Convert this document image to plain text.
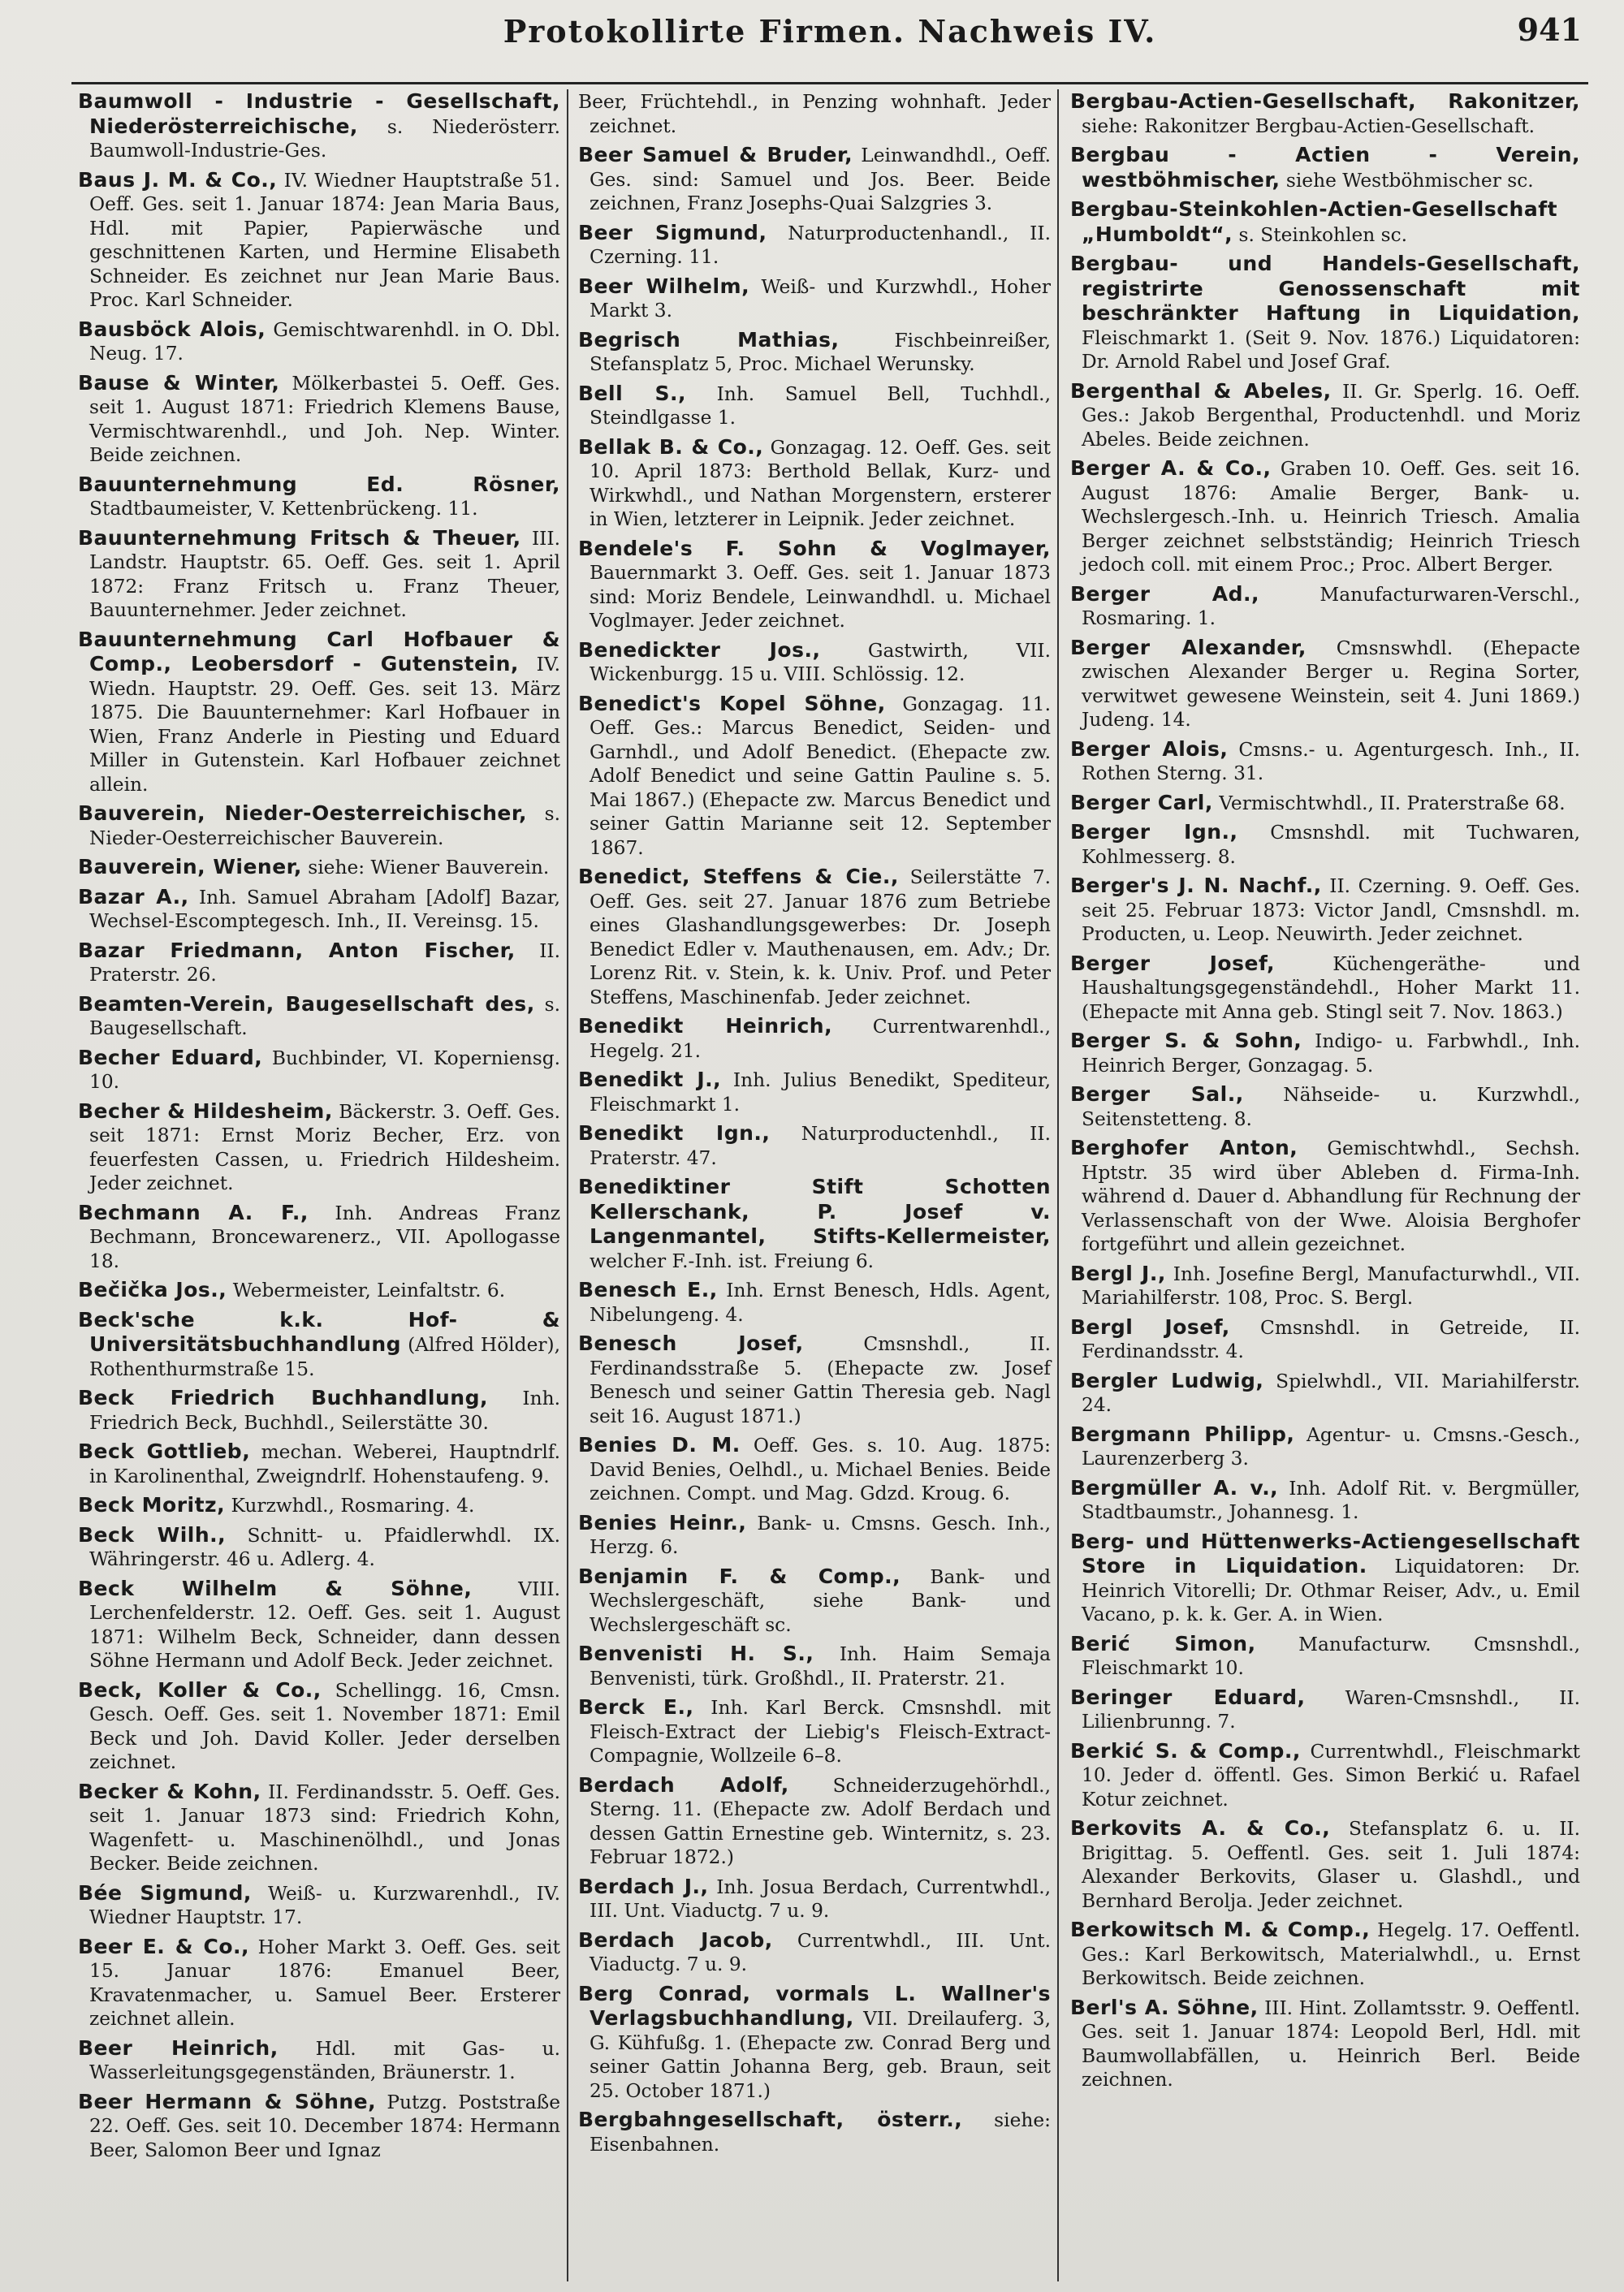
Protokollirte Firmen. Nachweis IV.	941
Baumwoll - Industrie - Gesellschaft, Niederösterreichische, s. Niederösterr. Baumwoll-Industrie-Ges.
Baus J. M. & Co., IV. Wiedner Hauptstraße 51. Oeff. Ges. seit 1. Januar 1874: Jean Maria Baus, Hdl. mit Papier, Papierwäsche und geschnittenen Karten, und Hermine Elisabeth Schneider. Es zeichnet nur Jean Marie Baus. Proc. Karl Schneider.
Bausböck Alois, Gemischtwarenhdl. in O. Dbl. Neug. 17.
Bause & Winter, Mölkerbastei 5. Oeff. Ges. seit 1. August 1871: Friedrich Klemens Bause, Vermischtwarenhdl., und Joh. Nep. Winter. Beide zeichnen.
Bauunternehmung Ed. Rösner, Stadtbaumeister, V. Kettenbrückeng. 11.
Bauunternehmung Fritsch & Theuer, III. Landstr. Hauptstr. 65. Oeff. Ges. seit 1. April 1872: Franz Fritsch u. Franz Theuer, Bauunternehmer. Jeder zeichnet.
Bauunternehmung Carl Hofbauer & Comp., Leobersdorf - Gutenstein, IV. Wiedn. Hauptstr. 29. Oeff. Ges. seit 13. März 1875. Die Bauunternehmer: Karl Hofbauer in Wien, Franz Anderle in Piesting und Eduard Miller in Gutenstein. Karl Hofbauer zeichnet allein.
Bauverein, Nieder-Oesterreichischer, s. Nieder-Oesterreichischer Bauverein.
Bauverein, Wiener, siehe: Wiener Bauverein.
Bazar A., Inh. Samuel Abraham [Adolf] Bazar, Wechsel-Escomptegesch. Inh., II. Vereinsg. 15.
Bazar Friedmann, Anton Fischer, II. Praterstr. 26.
Beamten-Verein, Baugesellschaft des, s. Baugesellschaft.
Becher Eduard, Buchbinder, VI. Koperniensg. 10.
Becher & Hildesheim, Bäckerstr. 3. Oeff. Ges. seit 1871: Ernst Moriz Becher, Erz. von feuerfesten Cassen, u. Friedrich Hildesheim. Jeder zeichnet.
Bechmann A. F., Inh. Andreas Franz Bechmann, Broncewarenerz., VII. Apollogasse 18.
Bečička Jos., Webermeister, Leinfaltstr. 6.
Beck'sche k.k. Hof- & Universitätsbuchhandlung (Alfred Hölder), Rothenthurmstraße 15.
Beck Friedrich Buchhandlung, Inh. Friedrich Beck, Buchhdl., Seilerstätte 30.
Beck Gottlieb, mechan. Weberei, Hauptndrlf. in Karolinenthal, Zweigndrlf. Hohenstaufeng. 9.
Beck Moritz, Kurzwhdl., Rosmaring. 4.
Beck Wilh., Schnitt- u. Pfaidlerwhdl. IX. Währingerstr. 46 u. Adlerg. 4.
Beck Wilhelm & Söhne, VIII. Lerchenfelderstr. 12. Oeff. Ges. seit 1. August 1871: Wilhelm Beck, Schneider, dann dessen Söhne Hermann und Adolf Beck. Jeder zeichnet.
Beck, Koller & Co., Schellingg. 16, Cmsn. Gesch. Oeff. Ges. seit 1. November 1871: Emil Beck und Joh. David Koller. Jeder derselben zeichnet.
Becker & Kohn, II. Ferdinandsstr. 5. Oeff. Ges. seit 1. Januar 1873 sind: Friedrich Kohn, Wagenfett- u. Maschinenölhdl., und Jonas Becker. Beide zeichnen.
Bée Sigmund, Weiß- u. Kurzwarenhdl., IV. Wiedner Hauptstr. 17.
Beer E. & Co., Hoher Markt 3. Oeff. Ges. seit 15. Januar 1876: Emanuel Beer, Kravatenmacher, u. Samuel Beer. Ersterer zeichnet allein.
Beer Heinrich, Hdl. mit Gas- u. Wasserleitungsgegenständen, Bräunerstr. 1.
Beer Hermann & Söhne, Putzg. Poststraße 22. Oeff. Ges. seit 10. December 1874: Hermann Beer, Salomon Beer und Ignaz
Beer, Früchtehdl., in Penzing wohnhaft. Jeder zeichnet.
Beer Samuel & Bruder, Leinwandhdl., Oeff. Ges. sind: Samuel und Jos. Beer. Beide zeichnen, Franz Josephs-Quai Salzgries 3.
Beer Sigmund, Naturproductenhandl., II. Czerning. 11.
Beer Wilhelm, Weiß- und Kurzwhdl., Hoher Markt 3.
Begrisch Mathias,	Fischbeinreißer, Stefansplatz 5, Proc. Michael Werunsky.
Bell S., Inh. Samuel Bell, Tuchhdl., Steindlgasse 1.
Bellak B. & Co., Gonzagag. 12. Oeff. Ges. seit 10. April 1873: Berthold Bellak, Kurz- und Wirkwhdl., und Nathan Morgenstern, ersterer in Wien, letzterer in Leipnik. Jeder zeichnet.
Bendele's F. Sohn & Voglmayer, Bauernmarkt 3. Oeff. Ges. seit 1. Januar 1873 sind: Moriz Bendele, Leinwandhdl. u. Michael Voglmayer. Jeder zeichnet.
Benedickter Jos.,	Gastwirth, VII. Wickenburgg. 15 u. VIII. Schlössig. 12.
Benedict's Kopel Söhne, Gonzagag. 11. Oeff. Ges.: Marcus Benedict, Seiden- und Garnhdl., und Adolf Benedict. (Ehepacte zw. Adolf Benedict und seine Gattin Pauline s. 5. Mai 1867.) (Ehepacte zw. Marcus Benedict und seiner Gattin Marianne seit 12. September 1867.
Benedict, Steffens & Cie., Seilerstätte 7. Oeff. Ges. seit 27. Januar 1876 zum Betriebe eines Glashandlungsgewerbes: Dr. Joseph Benedict Edler v. Mauthenausen, em. Adv.; Dr. Lorenz Rit. v. Stein, k. k. Univ. Prof. und Peter Steffens, Maschinenfab. Jeder zeichnet.
Benedikt Heinrich, Currentwarenhdl., Hegelg. 21.
Benedikt J., Inh. Julius Benedikt, Spediteur, Fleischmarkt 1.
Benedikt Ign., Naturproductenhdl., II. Praterstr. 47.
Benediktiner Stift Schotten Kellerschank, P. Josef v. Langenmantel, Stifts-Kellermeister, welcher F.-Inh. ist. Freiung 6.
Benesch E., Inh. Ernst Benesch, Hdls. Agent, Nibelungeng. 4.
Benesch Josef,	Cmsnshdl., II. Ferdinandsstraße 5. (Ehepacte zw. Josef Benesch und seiner Gattin Theresia geb. Nagl seit 16. August 1871.)
Benies D. M. Oeff. Ges. s. 10. Aug. 1875: David Benies, Oelhdl., u. Michael Benies. Beide zeichnen. Compt. und Mag. Gdzd. Kroug. 6.
Benies Heinr., Bank- u. Cmsns. Gesch. Inh., Herzg. 6.
Benjamin F. & Comp., Bank- und Wechslergeschäft, siehe Bank- und Wechslergeschäft sc.
Benvenisti H. S., Inh. Haim Semaja Benvenisti, türk. Großhdl., II. Praterstr. 21.
Berck E., Inh. Karl Berck. Cmsnshdl. mit Fleisch-Extract der Liebig's Fleisch-Extract-Compagnie, Wollzeile 6–8.
Berdach Adolf, Schneiderzugehörhdl., Sterng. 11. (Ehepacte zw. Adolf Berdach und dessen Gattin Ernestine geb. Winternitz, s. 23. Februar 1872.)
Berdach J., Inh. Josua Berdach, Currentwhdl., III. Unt. Viaductg. 7 u. 9.
Berdach Jacob, Currentwhdl., III. Unt. Viaductg. 7 u. 9.
Berg Conrad, vormals L. Wallner's Verlagsbuchhandlung, VII. Dreilauferg. 3, G. Kühfußg. 1. (Ehepacte zw. Conrad Berg und seiner Gattin Johanna Berg, geb. Braun, seit 25. October 1871.)
Bergbahngesellschaft, österr., siehe: Eisenbahnen.
Bergbau-Actien-Gesellschaft, Rakonitzer, siehe: Rakonitzer Bergbau-Actien-Gesellschaft.
Bergbau - Actien - Verein, westböhmischer, siehe Westböhmischer sc.
Bergbau-Steinkohlen-Actien-Gesellschaft „Humboldt“, s. Steinkohlen sc.
Bergbau- und Handels-Gesellschaft, registrirte Genossenschaft mit beschränkter Haftung in Liquidation, Fleischmarkt 1. (Seit 9. Nov. 1876.) Liquidatoren: Dr. Arnold Rabel und Josef Graf.
Bergenthal & Abeles, II. Gr. Sperlg. 16. Oeff. Ges.: Jakob Bergenthal, Productenhdl. und Moriz Abeles. Beide zeichnen.
Berger A. & Co., Graben 10. Oeff. Ges. seit 16. August 1876: Amalie Berger, Bank- u. Wechslergesch.-Inh. u. Heinrich Triesch. Amalia Berger zeichnet selbstständig; Heinrich Triesch jedoch coll. mit einem Proc.; Proc. Albert Berger.
Berger Ad.,	Manufacturwaren-Verschl., Rosmaring. 1.
Berger Alexander, Cmsnswhdl. (Ehepacte zwischen Alexander Berger u. Regina Sorter, verwitwet gewesene Weinstein, seit 4. Juni 1869.) Judeng. 14.
Berger Alois, Cmsns.- u. Agenturgesch. Inh., II. Rothen Sterng. 31.
Berger Carl, Vermischtwhdl., II. Praterstraße 68.
Berger Ign., Cmsnshdl. mit Tuchwaren, Kohlmesserg. 8.
Berger's J. N. Nachf., II. Czerning. 9. Oeff. Ges. seit 25. Februar 1873: Victor Jandl, Cmsnshdl. m. Producten, u. Leop. Neuwirth. Jeder zeichnet.
Berger Josef,	Küchengeräthe- und Haushaltungsgegenständehdl., Hoher Markt 11. (Ehepacte mit Anna geb. Stingl seit 7. Nov. 1863.)
Berger S. & Sohn, Indigo- u. Farbwhdl., Inh. Heinrich Berger, Gonzagag. 5.
Berger Sal., Nähseide- u. Kurzwhdl., Seitenstetteng. 8.
Berghofer Anton, Gemischtwhdl., Sechsh. Hptstr. 35 wird über Ableben d. Firma-Inh. während d. Dauer d. Abhandlung für Rechnung der Verlassenschaft von der Wwe. Aloisia Berghofer fortgeführt und allein gezeichnet.
Bergl J., Inh. Josefine Bergl, Manufacturwhdl., VII. Mariahilferstr. 108, Proc. S. Bergl.
Bergl Josef, Cmsnshdl. in Getreide, II. Ferdinandsstr. 4.
Bergler Ludwig, Spielwhdl., VII. Mariahilferstr. 24.
Bergmann Philipp, Agentur- u. Cmsns.-Gesch., Laurenzerberg 3.
Bergmüller A. v., Inh. Adolf Rit. v. Bergmüller, Stadtbaumstr., Johannesg. 1.
Berg- und Hüttenwerks-Actiengesellschaft Store in Liquidation. Liquidatoren: Dr. Heinrich Vitorelli; Dr. Othmar Reiser, Adv., u. Emil Vacano, p. k. k. Ger. A. in Wien.
Berić Simon, Manufacturw. Cmsnshdl., Fleischmarkt 10.
Beringer Eduard, Waren-Cmsnshdl., II. Lilienbrunng. 7.
Berkić S. & Comp., Currentwhdl., Fleischmarkt 10. Jeder d. öffentl. Ges. Simon Berkić u. Rafael Kotur zeichnet.
Berkovits A. & Co., Stefansplatz 6. u. II. Brigittag. 5. Oeffentl. Ges. seit 1. Juli 1874: Alexander Berkovits, Glaser u. Glashdl., und Bernhard Berolja. Jeder zeichnet.
Berkowitsch M. & Comp., Hegelg. 17. Oeffentl. Ges.: Karl Berkowitsch, Materialwhdl., u. Ernst Berkowitsch. Beide zeichnen.
Berl's A. Söhne, III. Hint. Zollamtsstr. 9. Oeffentl. Ges. seit 1. Januar 1874: Leopold Berl, Hdl. mit Baumwollabfällen, u. Heinrich Berl. Beide zeichnen.
